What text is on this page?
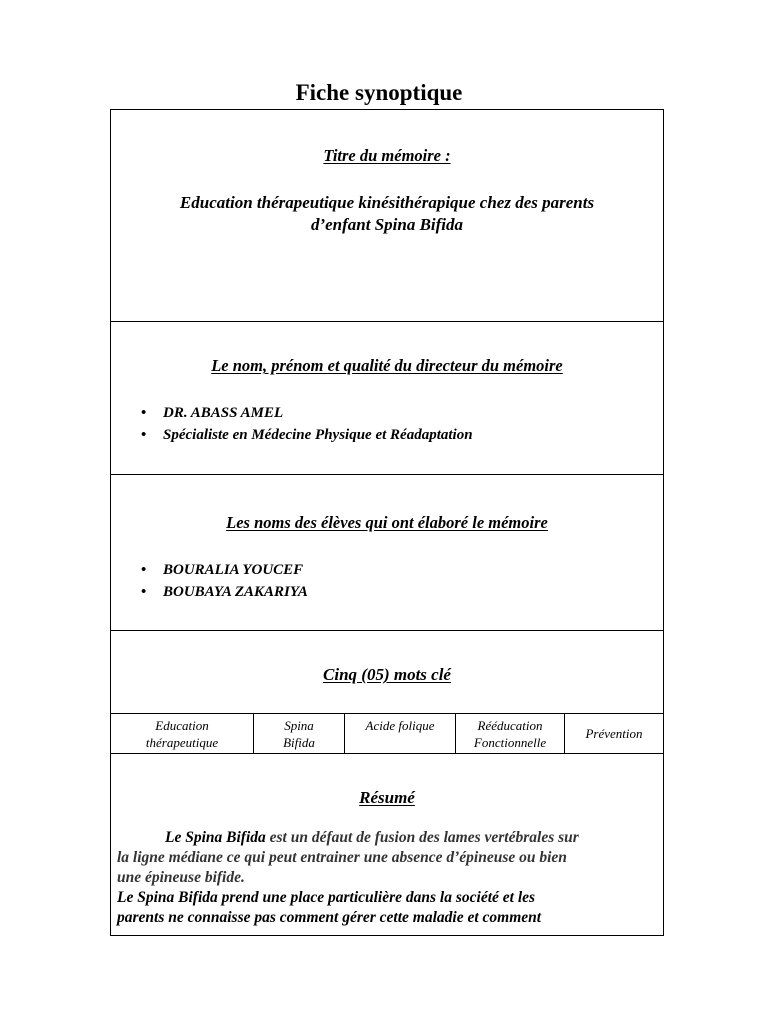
Fiche synoptique
Titre du mémoire :
Education thérapeutique kinésithérapique chez des parents
d’enfant Spina Bifida
Le nom, prénom et qualité du directeur du mémoire
• DR. ABASS AMEL
• Spécialiste en Médecine Physique et Réadaptation
Les noms des élèves qui ont élaboré le mémoire
• BOURALIA YOUCEF
• BOUBAYA ZAKARIYA
Cinq (05) mots clé
Education
thérapeutique
Spina
Bifida
Acide folique	Rééducation
Fonctionnelle
Prévention
Résumé
Le Spina Bifida est un défaut de fusion des lames vertébrales sur
la ligne médiane ce qui peut entrainer une absence d’épineuse ou bien
une épineuse bifide.
Le Spina Bifida prend une place particulière dans la société et les
parents ne connaisse pas comment gérer cette maladie et comment
